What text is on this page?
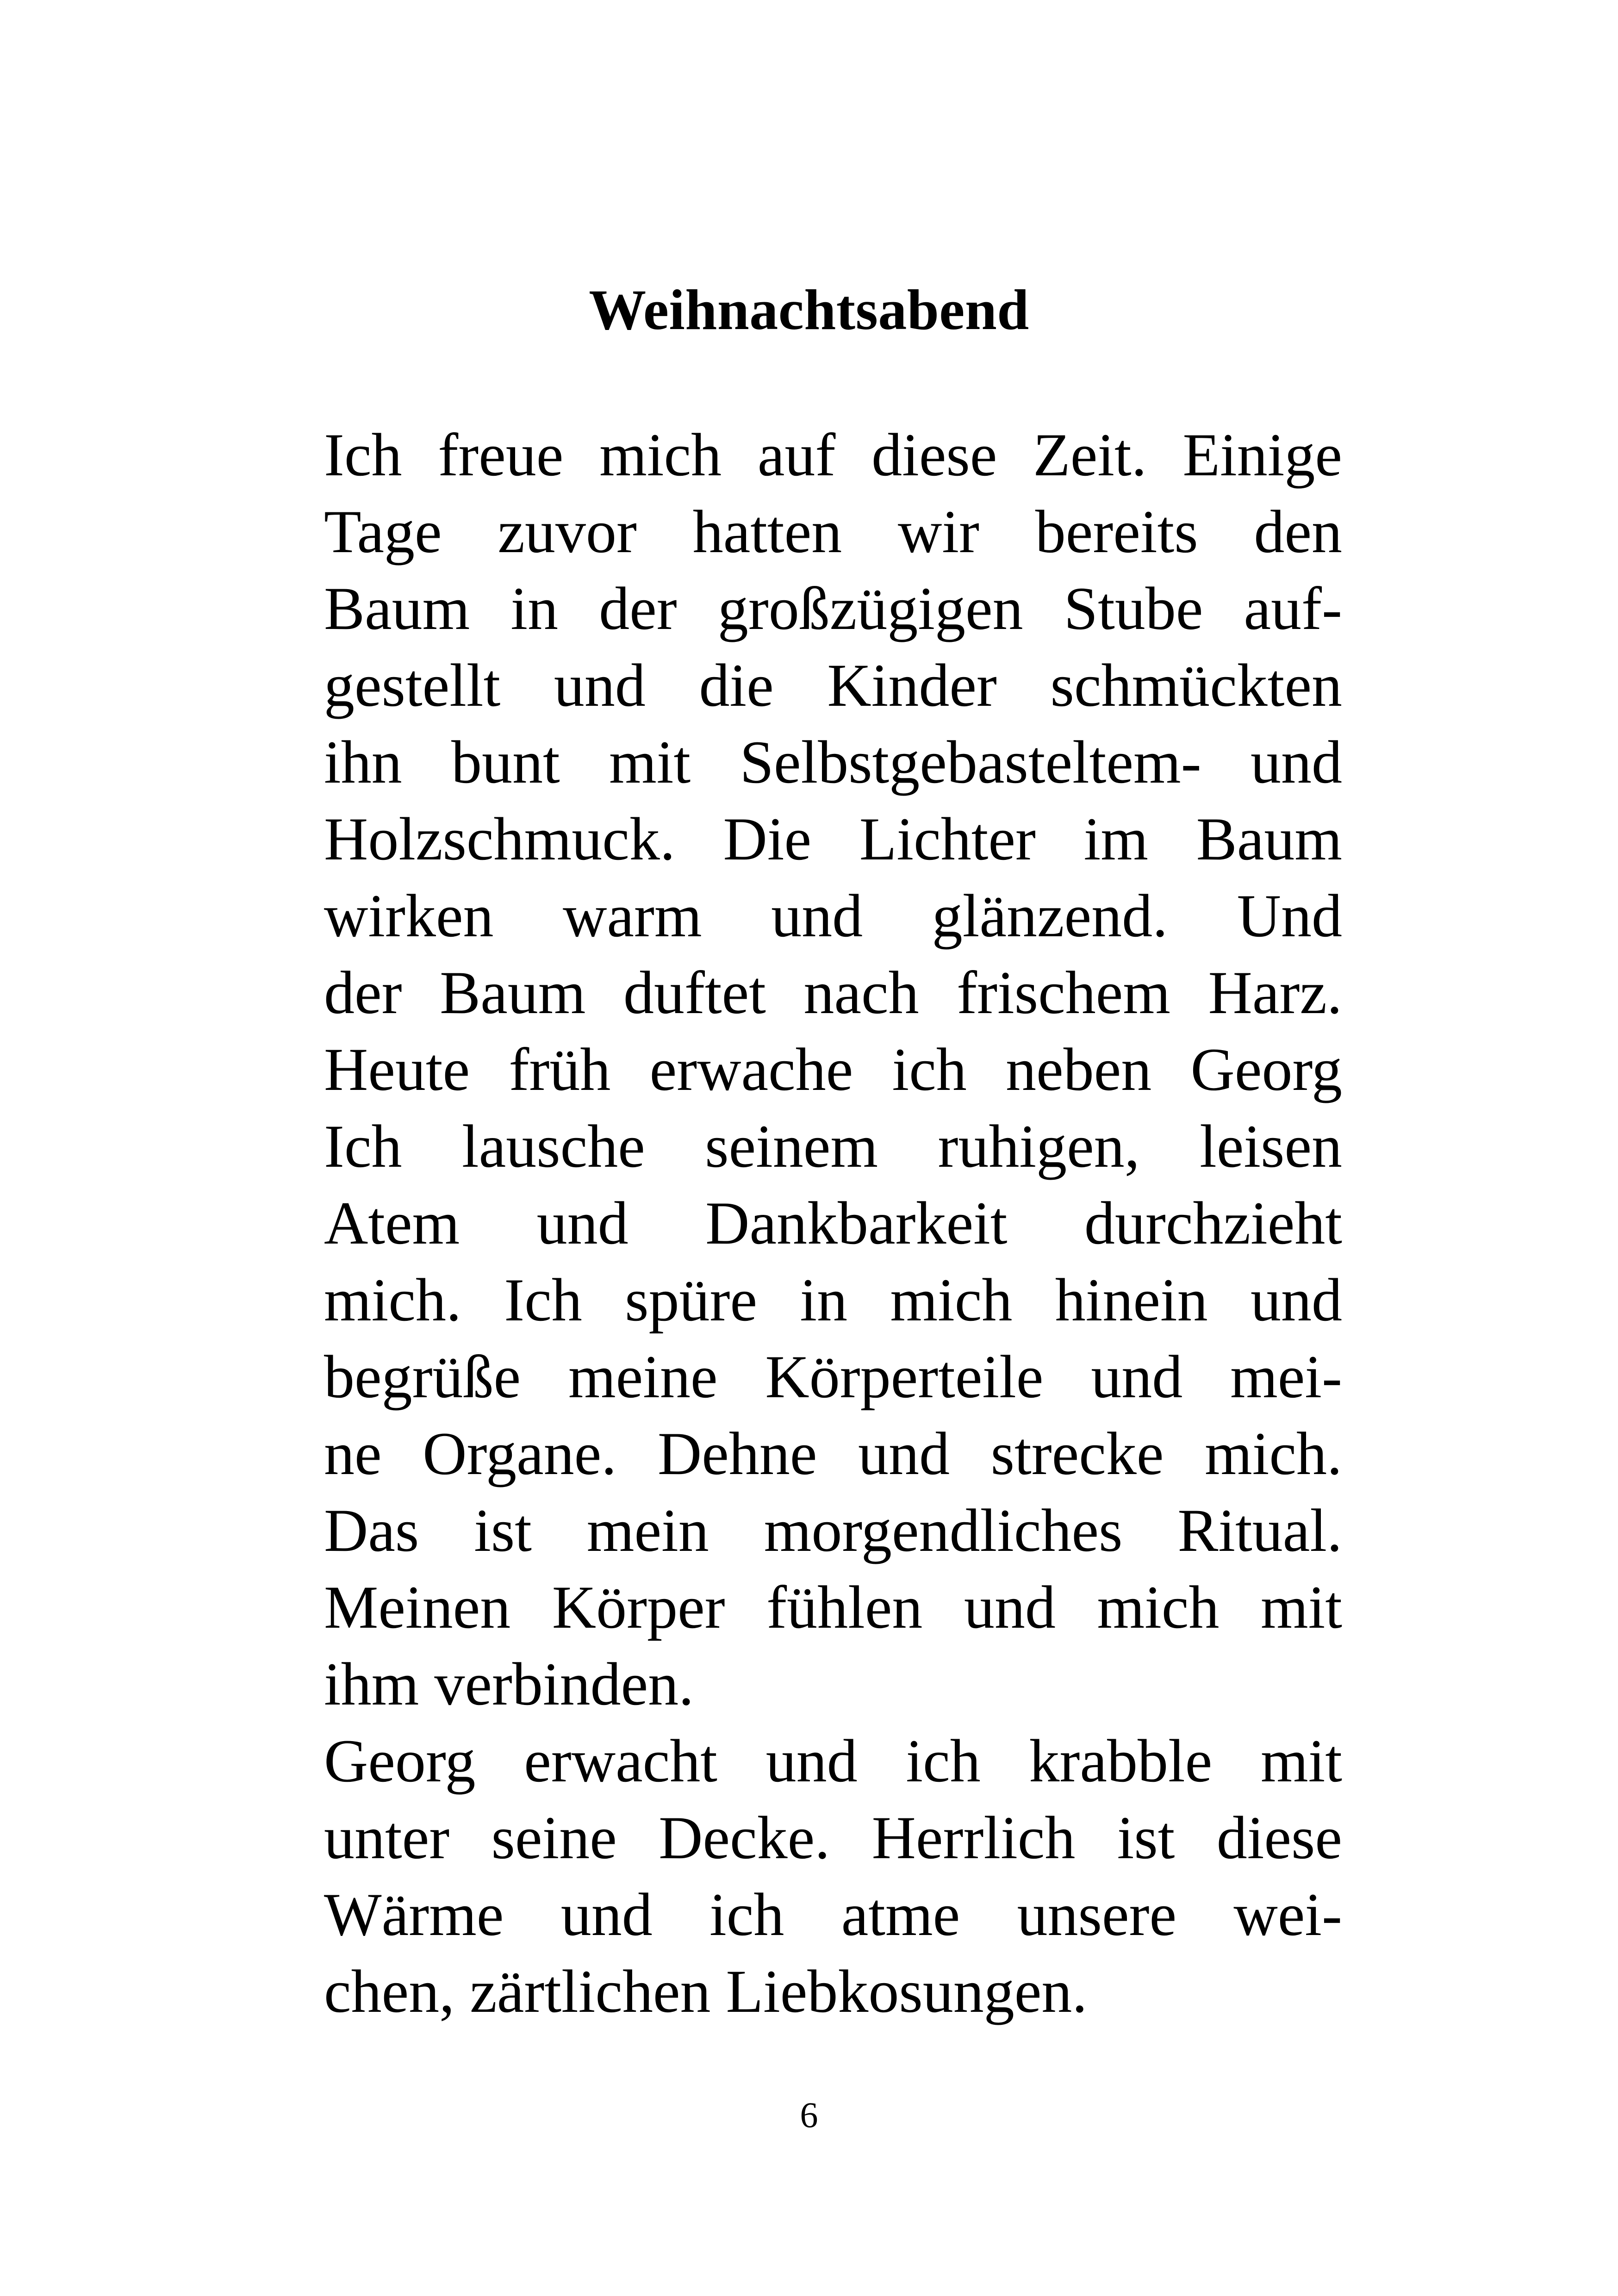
Weihnachtsabend
Ich freue mich auf diese Zeit. Einige
Tage zuvor hatten wir bereits den
Baum in der großzügigen Stube auf-
gestellt und die Kinder schmückten
ihn bunt mit Selbstgebasteltem- und
Holzschmuck. Die Lichter im Baum
wirken warm und glänzend. Und
der Baum duftet nach frischem Harz.
Heute früh erwache ich neben Georg
Ich lausche seinem ruhigen, leisen
Atem und Dankbarkeit durchzieht
mich. Ich spüre in mich hinein und
begrüße meine Körperteile und mei-
ne Organe. Dehne und strecke mich.
Das ist mein morgendliches Ritual.
Meinen Körper fühlen und mich mit
ihm verbinden.
Georg erwacht und ich krabble mit
unter seine Decke. Herrlich ist diese
Wärme und ich atme unsere wei-
chen, zärtlichen Liebkosungen.
6
